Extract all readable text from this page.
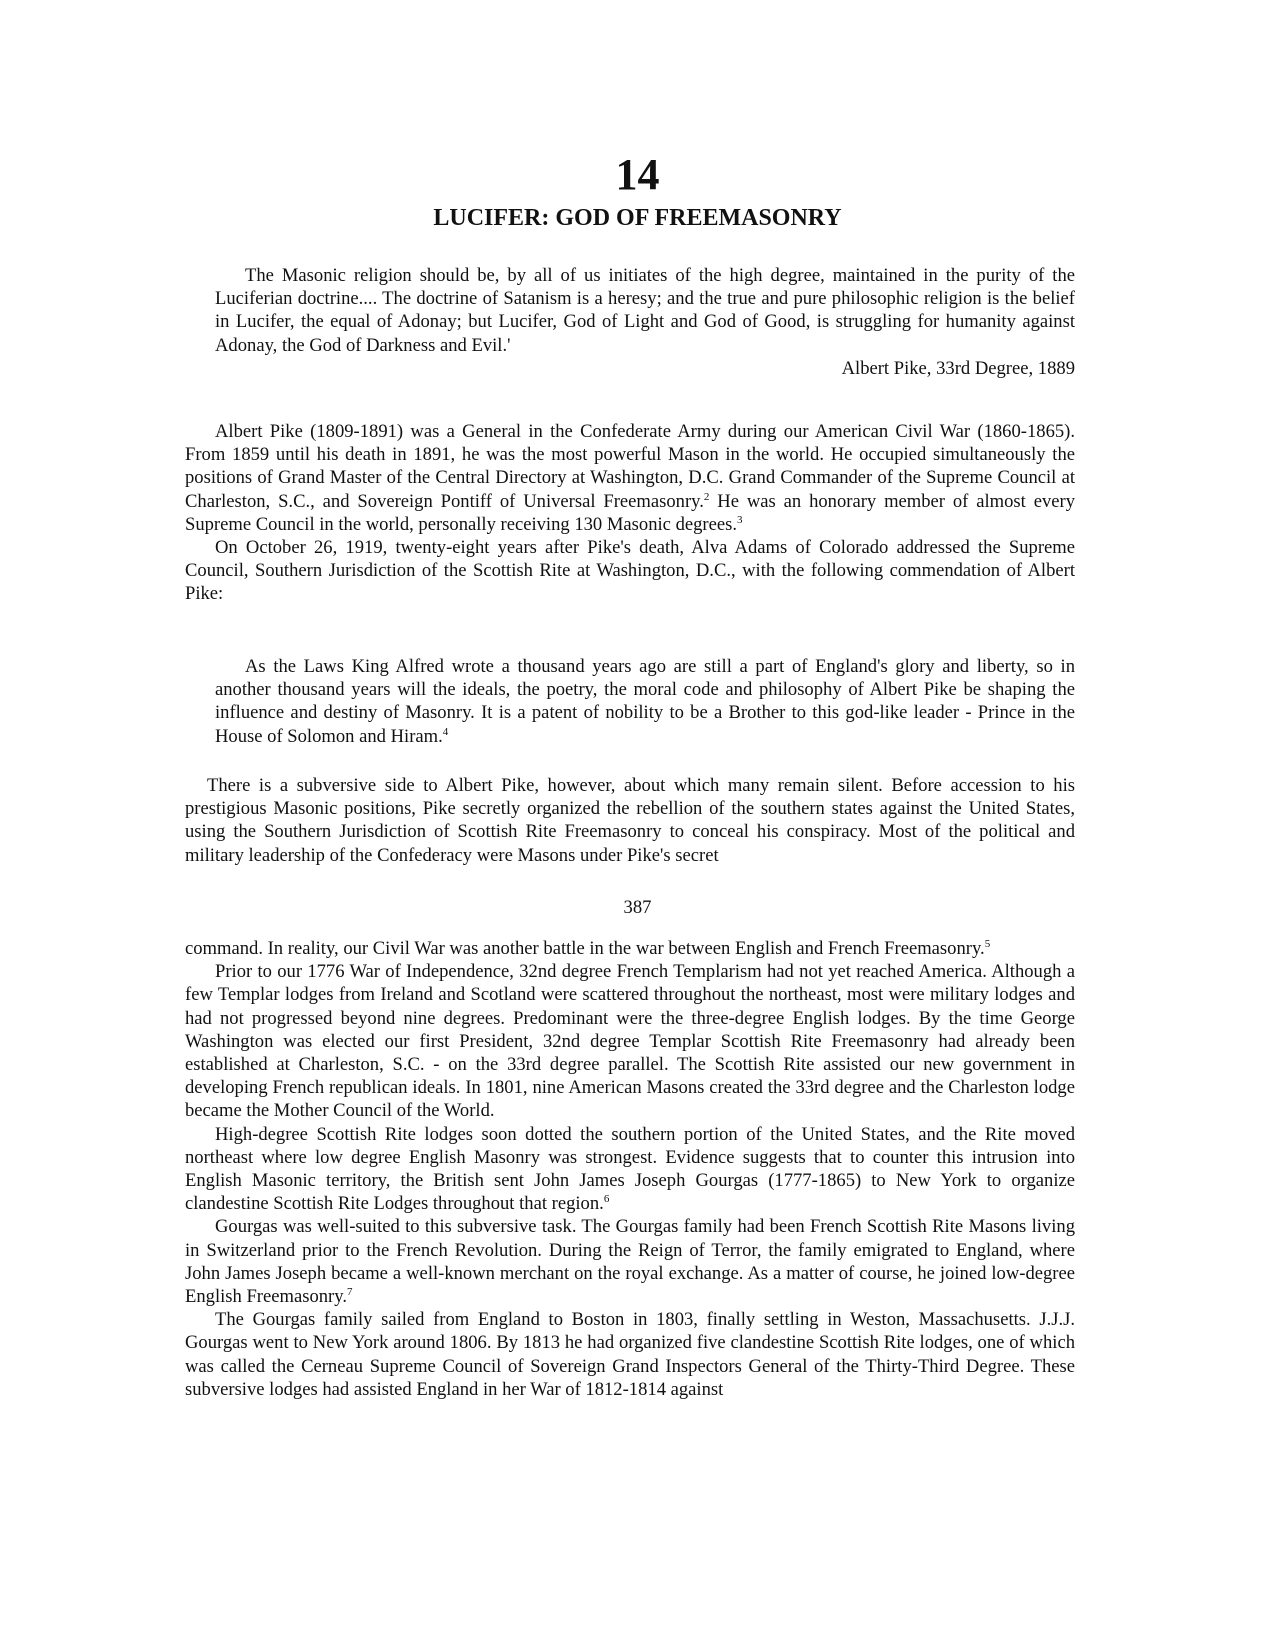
14
LUCIFER: GOD OF FREEMASONRY

The Masonic religion should be, by all of us initiates of the high degree, maintained in the purity of the Luciferian doctrine.... The doctrine of Satanism is a heresy; and the true and pure philosophic religion is the belief in Lucifer, the equal of Adonay; but Lucifer, God of Light and God of Good, is struggling for humanity against Adonay, the God of Darkness and Evil.'

Albert Pike, 33rd Degree, 1889

Albert Pike (1809-1891) was a General in the Confederate Army during our American Civil War (1860-1865). From 1859 until his death in 1891, he was the most powerful Mason in the world. He occupied simultaneously the positions of Grand Master of the Central Directory at Washington, D.C. Grand Commander of the Supreme Council at Charleston, S.C., and Sovereign Pontiff of Universal Freemasonry.$^2$ He was an honorary member of almost every Supreme Council in the world, personally receiving 130 Masonic degrees.$^3$

On October 26, 1919, twenty-eight years after Pike's death, Alva Adams of Colorado addressed the Supreme Council, Southern Jurisdiction of the Scottish Rite at Washington, D.C., with the following commendation of Albert Pike:

As the Laws King Alfred wrote a thousand years ago are still a part of England's glory and liberty, so in another thousand years will the ideals, the poetry, the moral code and philosophy of Albert Pike be shaping the influence and destiny of Masonry. It is a patent of nobility to be a Brother to this god-like leader - Prince in the House of Solomon and Hiram.$^4$

There is a subversive side to Albert Pike, however, about which many remain silent. Before accession to his prestigious Masonic positions, Pike secretly organized the rebellion of the southern states against the United States, using the Southern Jurisdiction of Scottish Rite Freemasonry to conceal his conspiracy. Most of the political and military leadership of the Confederacy were Masons under Pike's secret

387

command. In reality, our Civil War was another battle in the war between English and French Freemasonry.$^5$

Prior to our 1776 War of Independence, 32nd degree French Templarism had not yet reached America. Although a few Templar lodges from Ireland and Scotland were scattered throughout the northeast, most were military lodges and had not progressed beyond nine degrees. Predominant were the three-degree English lodges. By the time George Washington was elected our first President, 32nd degree Templar Scottish Rite Freemasonry had already been established at Charleston, S.C. - on the 33rd degree parallel. The Scottish Rite assisted our new government in developing French republican ideals. In 1801, nine American Masons created the 33rd degree and the Charleston lodge became the Mother Council of the World.

High-degree Scottish Rite lodges soon dotted the southern portion of the United States, and the Rite moved northeast where low degree English Masonry was strongest. Evidence suggests that to counter this intrusion into English Masonic territory, the British sent John James Joseph Gourgas (1777-1865) to New York to organize clandestine Scottish Rite Lodges throughout that region.$^6$

Gourgas was well-suited to this subversive task. The Gourgas family had been French Scottish Rite Masons living in Switzerland prior to the French Revolution. During the Reign of Terror, the family emigrated to England, where John James Joseph became a well-known merchant on the royal exchange. As a matter of course, he joined low-degree English Freemasonry.$^7$

The Gourgas family sailed from England to Boston in 1803, finally settling in Weston, Massachusetts. J.J.J. Gourgas went to New York around 1806. By 1813 he had organized five clandestine Scottish Rite lodges, one of which was called the Cerneau Supreme Council of Sovereign Grand Inspectors General of the Thirty-Third Degree. These subversive lodges had assisted England in her War of 1812-1814 against
